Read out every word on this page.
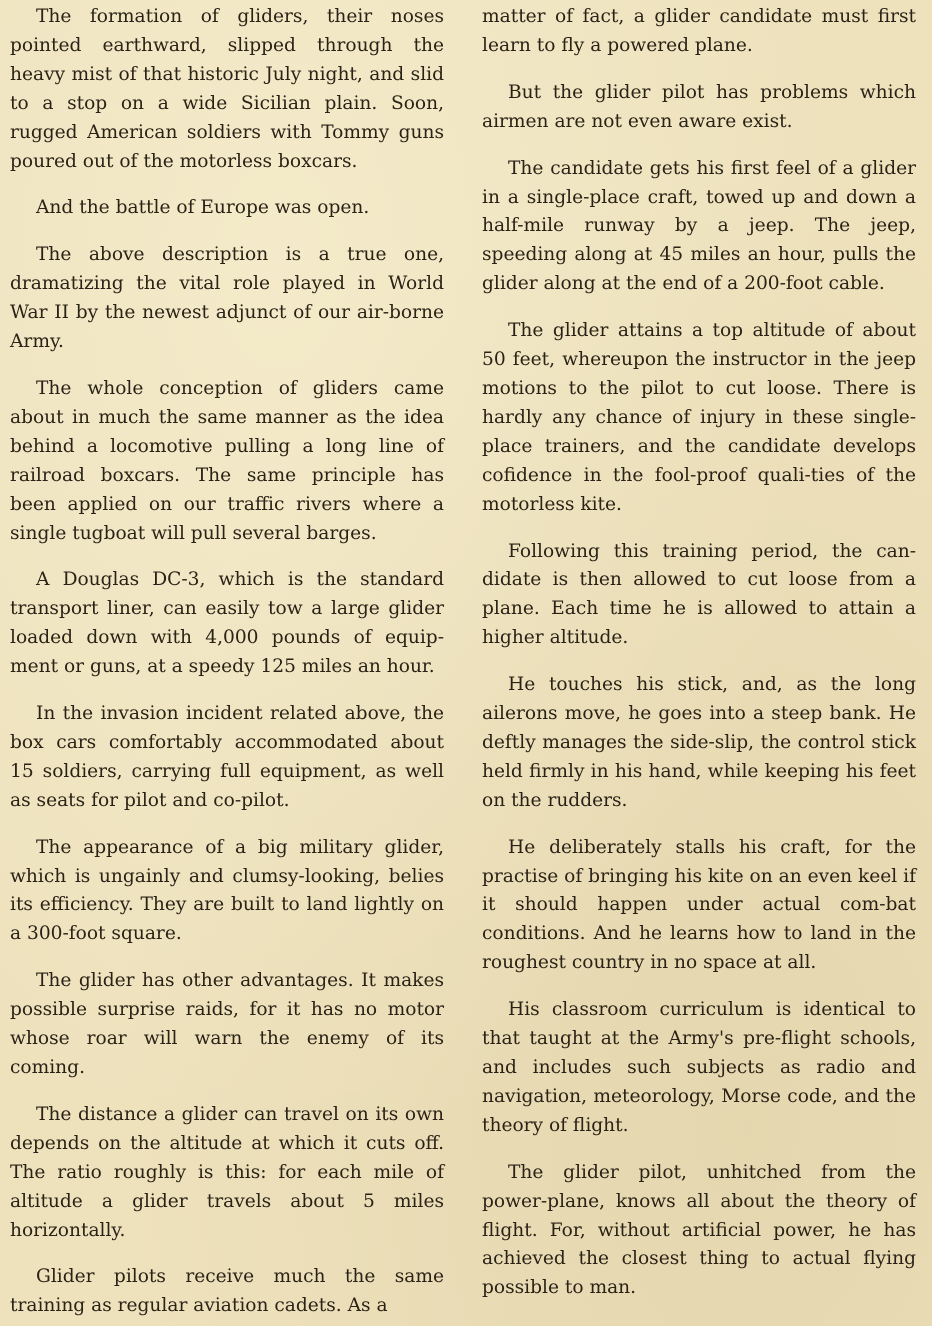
The formation of gliders, their noses pointed earthward, slipped through the heavy mist of that historic July night, and slid to a stop on a wide Sicilian plain. Soon, rugged American soldiers with Tommy guns poured out of the motorless boxcars.

And the battle of Europe was open.

The above description is a true one, dramatizing the vital role played in World War II by the newest adjunct of our air-borne Army.

The whole conception of gliders came about in much the same manner as the idea behind a locomotive pulling a long line of railroad boxcars. The same principle has been applied on our traffic rivers where a single tugboat will pull several barges.

A Douglas DC-3, which is the standard transport liner, can easily tow a large glider loaded down with 4,000 pounds of equip-ment or guns, at a speedy 125 miles an hour.

In the invasion incident related above, the box cars comfortably accommodated about 15 soldiers, carrying full equipment, as well as seats for pilot and co-pilot.

The appearance of a big military glider, which is ungainly and clumsy-looking, belies its efficiency. They are built to land lightly on a 300-foot square.

The glider has other advantages. It makes possible surprise raids, for it has no motor whose roar will warn the enemy of its coming.

The distance a glider can travel on its own depends on the altitude at which it cuts off. The ratio roughly is this: for each mile of altitude a glider travels about 5 miles horizontally.

Glider pilots receive much the same training as regular aviation cadets. As a

matter of fact, a glider candidate must first learn to fly a powered plane.

But the glider pilot has problems which airmen are not even aware exist.

The candidate gets his first feel of a glider in a single-place craft, towed up and down a half-mile runway by a jeep. The jeep, speeding along at 45 miles an hour, pulls the glider along at the end of a 200-foot cable.

The glider attains a top altitude of about 50 feet, whereupon the instructor in the jeep motions to the pilot to cut loose. There is hardly any chance of injury in these single-place trainers, and the candidate develops cofidence in the fool-proof quali-ties of the motorless kite.

Following this training period, the can-didate is then allowed to cut loose from a plane. Each time he is allowed to attain a higher altitude.

He touches his stick, and, as the long ailerons move, he goes into a steep bank. He deftly manages the side-slip, the control stick held firmly in his hand, while keeping his feet on the rudders.

He deliberately stalls his craft, for the practise of bringing his kite on an even keel if it should happen under actual com-bat conditions. And he learns how to land in the roughest country in no space at all.

His classroom curriculum is identical to that taught at the Army's pre-flight schools, and includes such subjects as radio and navigation, meteorology, Morse code, and the theory of flight.

The glider pilot, unhitched from the power-plane, knows all about the theory of flight. For, without artificial power, he has achieved the closest thing to actual flying possible to man.
